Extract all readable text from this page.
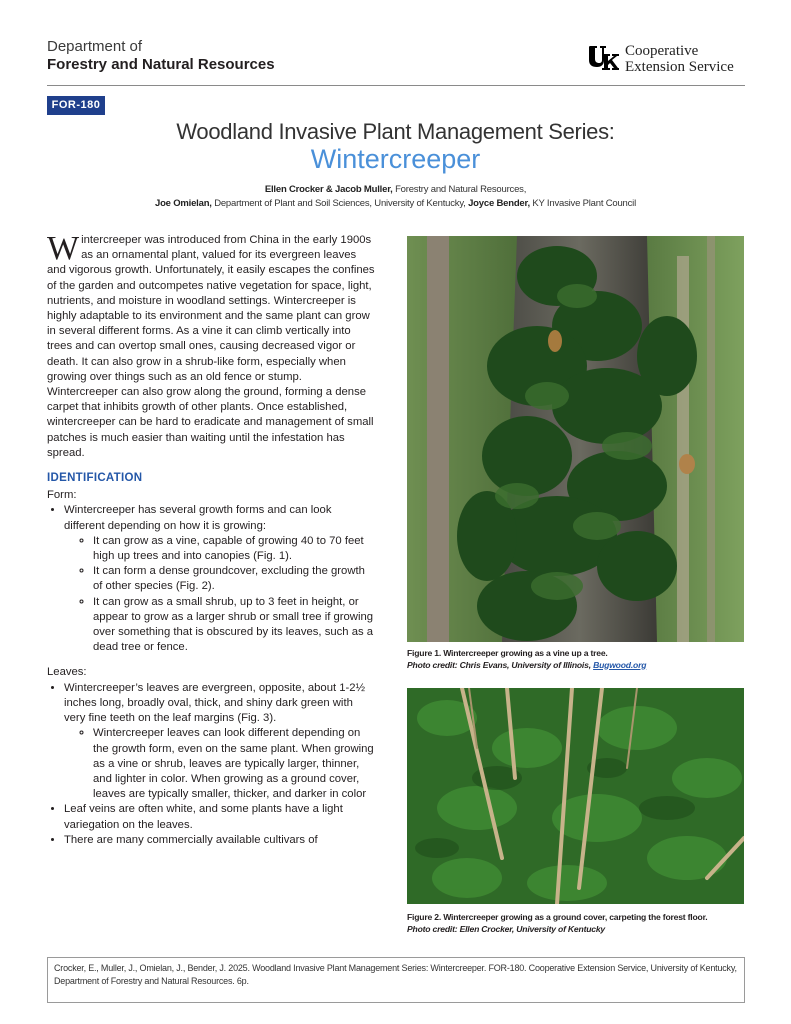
Department of
Forestry and Natural Resources
Cooperative
Extension Service
FOR-180
Woodland Invasive Plant Management Series:
Wintercreeper
Ellen Crocker & Jacob Muller, Forestry and Natural Resources,
Joe Omielan, Department of Plant and Soil Sciences, University of Kentucky, Joyce Bender, KY Invasive Plant Council
W intercreeper was introduced from China in the early 1900s as an ornamental plant, valued for its evergreen leaves and vigorous growth. Unfortunately, it easily escapes the confines of the garden and outcompetes native vegetation for space, light, nutrients, and moisture in woodland settings. Wintercreeper is highly adaptable to its environment and the same plant can grow in several different forms. As a vine it can climb vertically into trees and can overtop small ones, causing decreased vigor or death. It can also grow in a shrub-like form, especially when growing over things such as an old fence or stump. Wintercreeper can also grow along the ground, forming a dense carpet that inhibits growth of other plants. Once established, wintercreeper can be hard to eradicate and management of small patches is much easier than waiting until the infestation has spread.

IDENTIFICATION
Form:
• Wintercreeper has several growth forms and can look different depending on how it is growing:
◦ It can grow as a vine, capable of growing 40 to 70 feet high up trees and into canopies (Fig. 1).
◦ It can form a dense groundcover, excluding the growth of other species (Fig. 2).
◦ It can grow as a small shrub, up to 3 feet in height, or appear to grow as a larger shrub or small tree if growing over something that is obscured by its leaves, such as a dead tree or fence.
Leaves:
• Wintercreeper’s leaves are evergreen, opposite, about 1-2½ inches long, broadly oval, thick, and shiny dark green with very fine teeth on the leaf margins (Fig. 3).
◦ Wintercreeper leaves can look different depending on the growth form, even on the same plant. When growing as a vine or shrub, leaves are typically larger, thinner, and lighter in color. When growing as a ground cover, leaves are typically smaller, thicker, and darker in color
• Leaf veins are often white, and some plants have a light variegation on the leaves.
• There are many commercially available cultivars of
Figure 1. Wintercreeper growing as a vine up a tree.
Photo credit: Chris Evans, University of Illinois, Bugwood.org
Figure 2. Wintercreeper growing as a ground cover, carpeting the forest floor.
Photo credit: Ellen Crocker, University of Kentucky
Crocker, E., Muller, J., Omielan, J., Bender, J. 2025. Woodland Invasive Plant Management Series: Wintercreeper. FOR-180. Cooperative Extension Service, University of Kentucky, Department of Forestry and Natural Resources. 6p.
